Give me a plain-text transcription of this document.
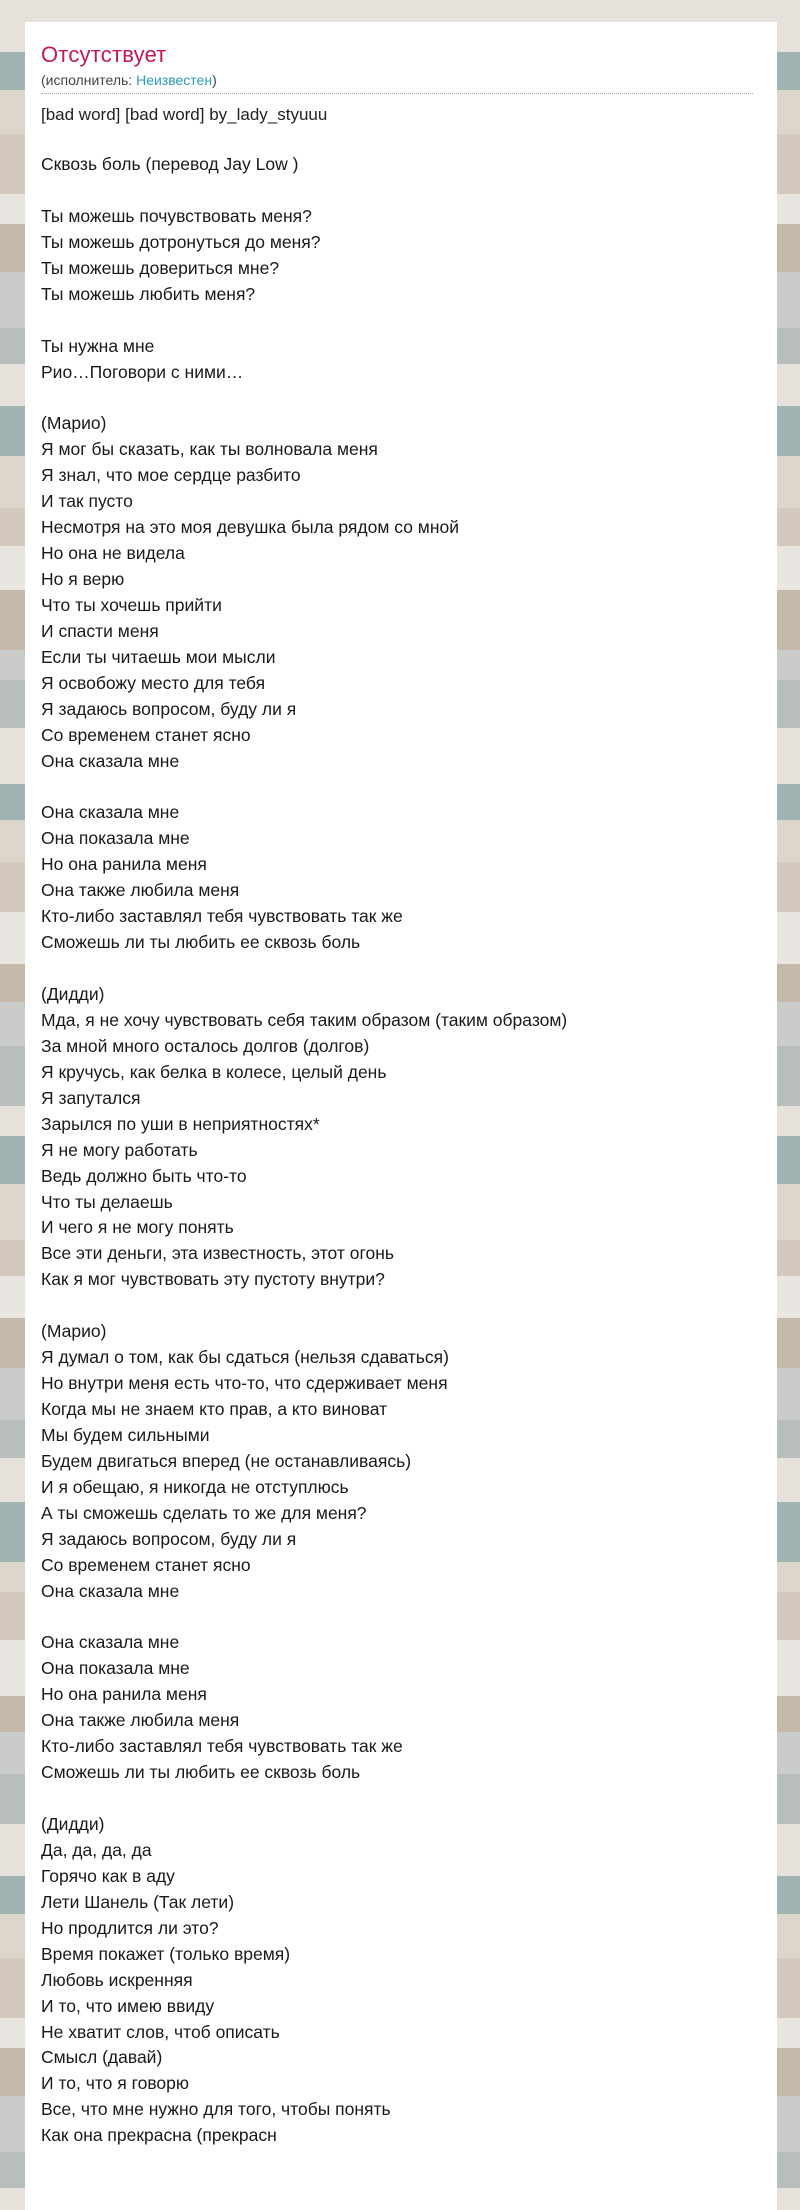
Отсутствует
(исполнитель: Неизвестен)
[bad word] [bad word] by_lady_styuuu
Сквозь боль (перевод Jay Low )
Ты можешь почувствовать меня?
Ты можешь дотронуться до меня?
Ты можешь довериться мне?
Ты можешь любить меня?
Ты нужна мне
Рио…Поговори с ними…
(Марио)
Я мог бы сказать, как ты волновала меня
Я знал, что мое сердце разбито
И так пусто
Несмотря на это моя девушка была рядом со мной
Но она не видела
Но я верю
Что ты хочешь прийти
И спасти меня
Если ты читаешь мои мысли
Я освобожу место для тебя
Я задаюсь вопросом, буду ли я
Со временем станет ясно
Она сказала мне
Она сказала мне
Она показала мне
Но она ранила меня
Она также любила меня
Кто-либо заставлял тебя чувствовать так же
Сможешь ли ты любить ее сквозь боль
(Дидди)
Мда, я не хочу чувствовать себя таким образом (таким образом)
За мной много осталось долгов (долгов)
Я кручусь, как белка в колесе, целый день
Я запутался
Зарылся по уши в неприятностях*
Я не могу работать
Ведь должно быть что-то
Что ты делаешь
И чего я не могу понять
Все эти деньги, эта известность, этот огонь
Как я мог чувствовать эту пустоту внутри?
(Марио)
Я думал о том, как бы сдаться (нельзя сдаваться)
Но внутри меня есть что-то, что сдерживает меня
Когда мы не знаем кто прав, а кто виноват
Мы будем сильными
Будем двигаться вперед (не останавливаясь)
И я обещаю, я никогда не отступлюсь
А ты сможешь сделать то же для меня?
Я задаюсь вопросом, буду ли я
Со временем станет ясно
Она сказала мне
Она сказала мне
Она показала мне
Но она ранила меня
Она также любила меня
Кто-либо заставлял тебя чувствовать так же
Сможешь ли ты любить ее сквозь боль
(Дидди)
Да, да, да, да
Горячо как в аду
Лети Шанель (Так лети)
Но продлится ли это?
Время покажет (только время)
Любовь искренняя
И то, что имею ввиду
Не хватит слов, чтоб описать
Смысл (давай)
И то, что я говорю
Все, что мне нужно для того, чтобы понять
Как она прекрасна (прекрасн
